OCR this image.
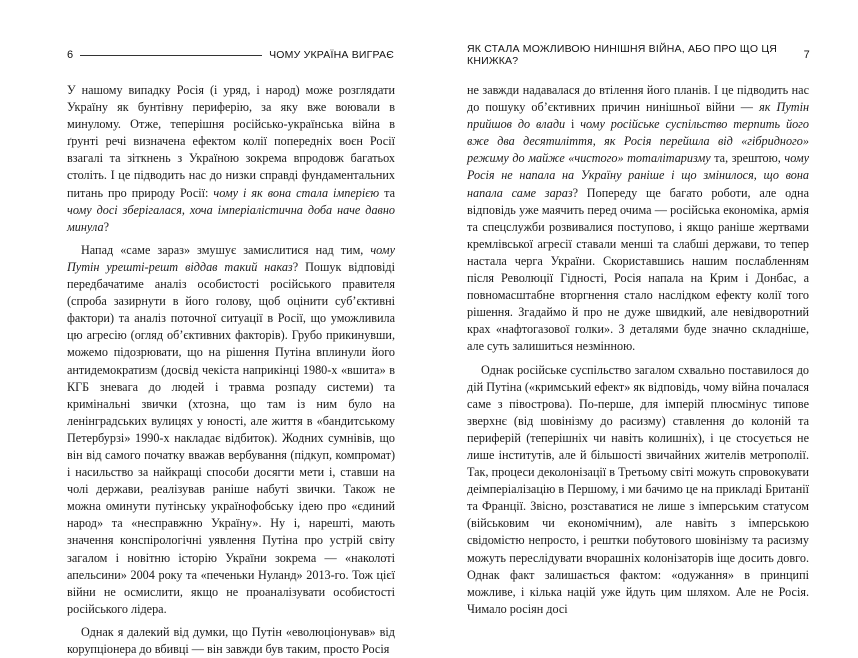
6	ЧОМУ УКРАЇНА ВИГРАЄ

У нашому випадку Росія (і уряд, і народ) може розглядати Україну як бунтівну периферію, за яку вже воювали в минулому. Отже, теперішня російсько-українська війна в ґрунті речі визначена ефектом колії попередніх воєн Росії взагалі та зіткнень з Україною зокрема впродовж багатьох століть. І це підводить нас до низки справді фундаментальних питань про природу Росії: чому і як вона стала імперією та чому досі зберігалася, хоча імперіалістична доба наче давно минула?

Напад «саме зараз» змушує замислитися над тим, чому Путін урешті-решт віддав такий наказ? Пошук відповіді передбачатиме аналіз особистості російського правителя (спроба зазирнути в його голову, щоб оцінити суб’єктивні фактори) та аналіз поточної ситуації в Росії, що уможливила цю агресію (огляд об’єктивних факторів). Грубо прикинувши, можемо підозрювати, що на рішення Путіна вплинули його антидемократизм (досвід чекіста наприкінці 1980-х «вшита» в КГБ зневага до людей і травма розпаду системи) та кримінальні звички (хтозна, що там із ним було на ленінградських вулицях у юності, але життя в «бандитському Петербурзі» 1990-х накладає відбиток). Жодних сумнівів, що він від самого початку вважав вербування (підкуп, компромат) і насильство за найкращі способи досягти мети і, ставши на чолі держави, реалізував раніше набуті звички. Також не можна оминути путінську українофобську ідею про «єдиний народ» та «несправжню Україну». Ну і, нарешті, мають значення конспірологічні уявлення Путіна про устрій світу загалом і новітню історію України зокрема — «наколоті апельсини» 2004 року та «печеньки Нуланд» 2013-го. Тож цієї війни не осмислити, якщо не проаналізувати особистості російського лідера.

Однак я далекий від думки, що Путін «еволюціонував» від корупціонера до вбивці — він завжди був таким, просто Росія

ЯК СТАЛА МОЖЛИВОЮ НИНІШНЯ ВІЙНА, АБО ПРО ЩО ЦЯ КНИЖКА?	7

не завжди надавалася до втілення його планів. І це підводить нас до пошуку об’єктивних причин нинішньої війни — як Путін прийшов до влади і чому російське суспільство терпить його вже два десятиліття, як Росія перейшла від «гібридного» режиму до майже «чистого» тоталітаризму та, зрештою, чому Росія не напала на Україну раніше і що змінилося, що вона напала саме зараз? Попереду ще багато роботи, але одна відповідь уже маячить перед очима — російська економіка, армія та спецслужби розвивалися поступово, і якщо раніше жертвами кремлівської агресії ставали менші та слабші держави, то тепер настала черга України. Скориставшись нашим послабленням після Революції Гідності, Росія напала на Крим і Донбас, а повномасштабне вторгнення стало наслідком ефекту колії того рішення. Згадаймо й про не дуже швидкий, але невідворотний крах «нафтогазової голки». З деталями буде значно складніше, але суть залишиться незмінною.

Однак російське суспільство загалом схвально поставилося до дій Путіна («кримський ефект» як відповідь, чому війна почалася саме з півострова). По-перше, для імперій плюсмінус типове зверхнє (від шовінізму до расизму) ставлення до колоній та периферій (теперішніх чи навіть колишніх), і це стосується не лише інститутів, але й більшості звичайних жителів метрополії. Так, процеси деколонізації в Третьому світі можуть спровокувати деімперіалізацію в Першому, і ми бачимо це на прикладі Британії та Франції. Звісно, розставатися не лише з імперським статусом (військовим чи економічним), але навіть з імперською свідомістю непросто, і рештки побутового шовінізму та расизму можуть переслідувати вчорашніх колонізаторів іще досить довго. Однак факт залишається фактом: «одужання» в принципі можливе, і кілька націй уже йдуть цим шляхом. Але не Росія. Чимало росіян досі
